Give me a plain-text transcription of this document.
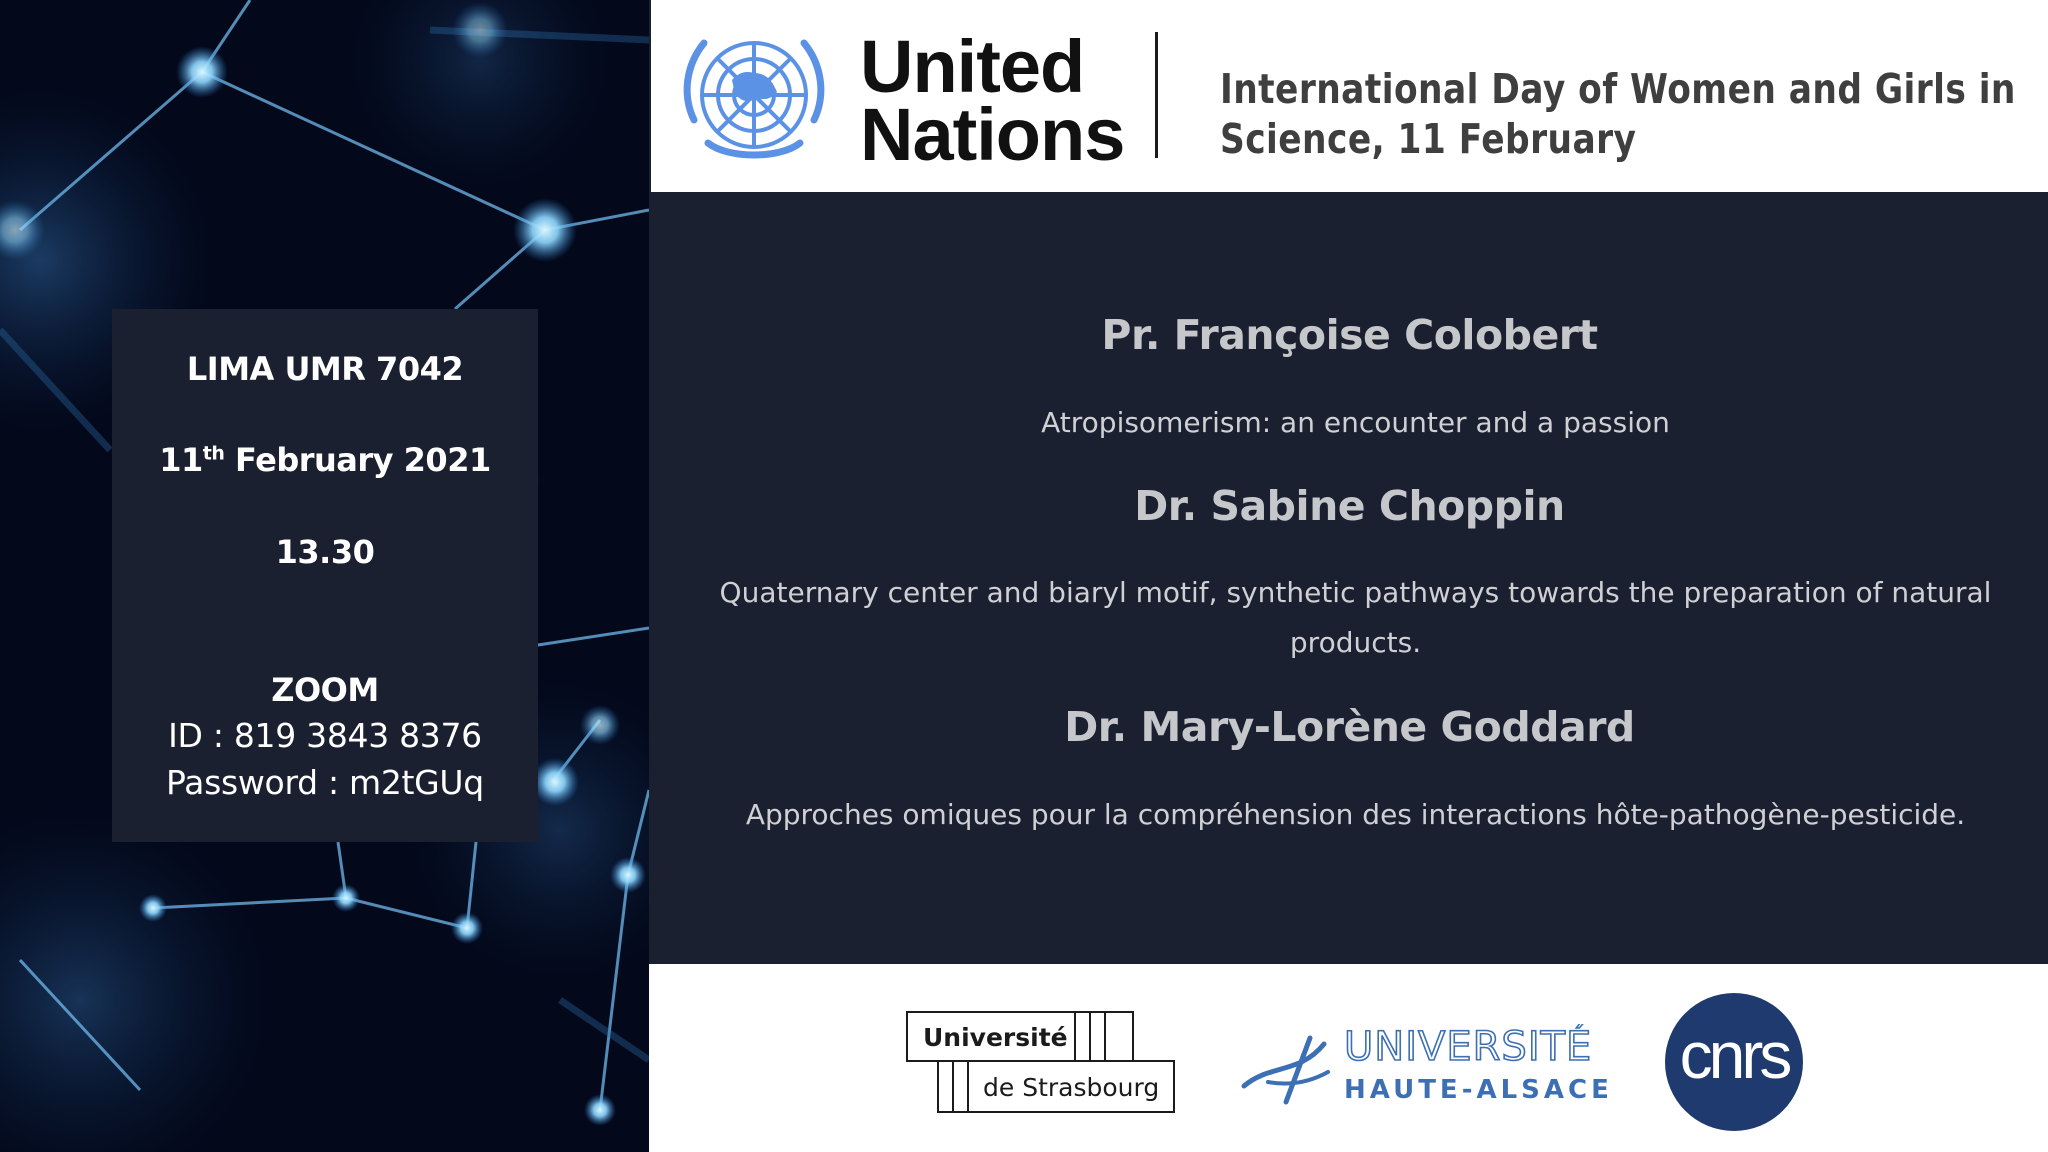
LIMA UMR 7042
11th February 2021
13.30
ZOOM
ID : 819 3843 8376
Password : m2tGUq
United
Nations
International Day of Women and Girls in
Science, 11 February
Pr. Françoise Colobert
Atropisomerism: an encounter and a passion
Dr. Sabine Choppin
Quaternary center and biaryl motif, synthetic pathways towards the preparation of natural products.
Dr. Mary-Lorène Goddard
Approches omiques pour la compréhension des interactions hôte-pathogène-pesticide.
Université
de Strasbourg
UNIVERSITÉ
HAUTE-ALSACE cnrs
